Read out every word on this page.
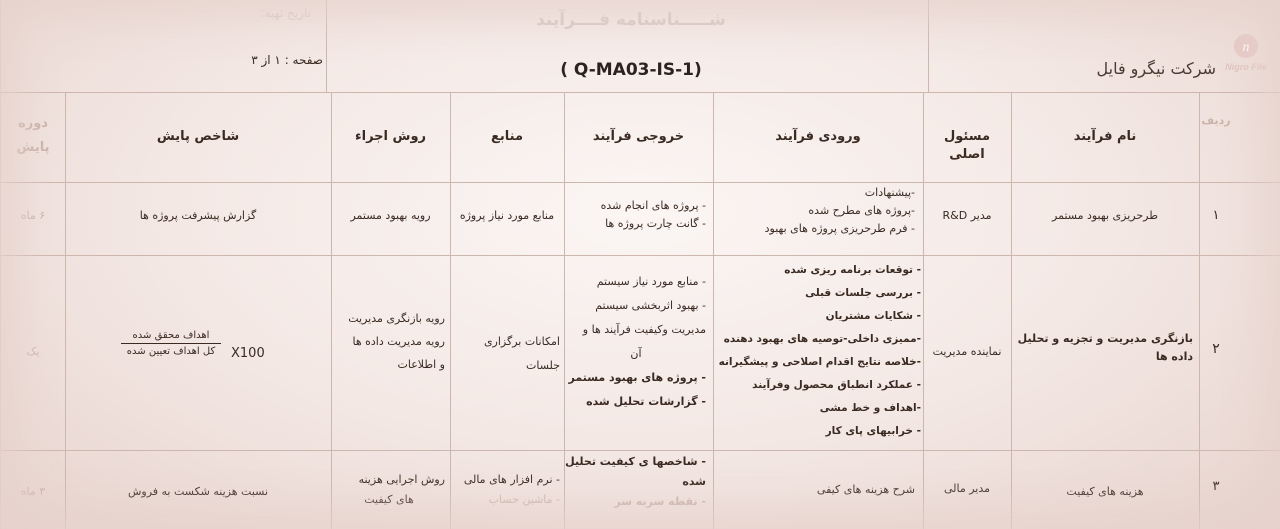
تاریخ تهیه:
صفحه : ۱ از ۳
شـــــناسنامه فــــرآیند
( Q-MA03-IS-1)	شرکت نیگرو فایل
n
Nigro File
ردیف
نام فرآیند
مسئول اصلی
ورودی فرآیند
خروجی فرآیند
منابع
روش اجراء
شاخص پایش
دوره پایش
۱
طرحریزی بهبود مستمر
مدیر R&D
-پیشنهادات
-پروژه های مطرح شده
- فرم طرحریزی پروژه های بهبود
- پروژه های انجام شده
- گانت چارت پروژه ها
منابع مورد نیاز پروژه
رویه بهبود مستمر
گزارش پیشرفت پروژه ها
۶ ماه
۲
بازنگری مدیریت و تجزیه و تحلیل داده ها
نماینده مدیریت
- توقعات برنامه ریزی شده
- بررسی جلسات قبلی
- شکایات مشتریان
-ممیزی داخلی-توصیه های بهبود دهنده
-خلاصه نتایج اقدام اصلاحی و پیشگیرانه
- عملکرد انطباق محصول وفرآیند
-اهداف و خط مشی
- خرابیهای پای کار
- منابع مورد نیاز سیستم
- بهبود اثربخشی سیستم
مدیریت وکیفیت فرآیند ها و
آن
- پروژه های بهبود مستمر
- گزارشات تحلیل شده
امکانات برگزاری
جلسات
رویه بازنگری مدیریت
رویه مدیریت داده ها
و اطلاعات
اهداف محقق شده
کل اهداف تعیین شده	X100
یک
۳
هزینه های کیفیت
مدیر مالی
شرح هزینه های کیفی
- شاخصها ی کیفیت تحلیل
شده
- نقطه سربه سر
- نرم افزار های مالی
- ماشین حساب
روش اجرایی هزینه
های کیفیت
نسبت هزینه شکست به فروش
۳ ماه
